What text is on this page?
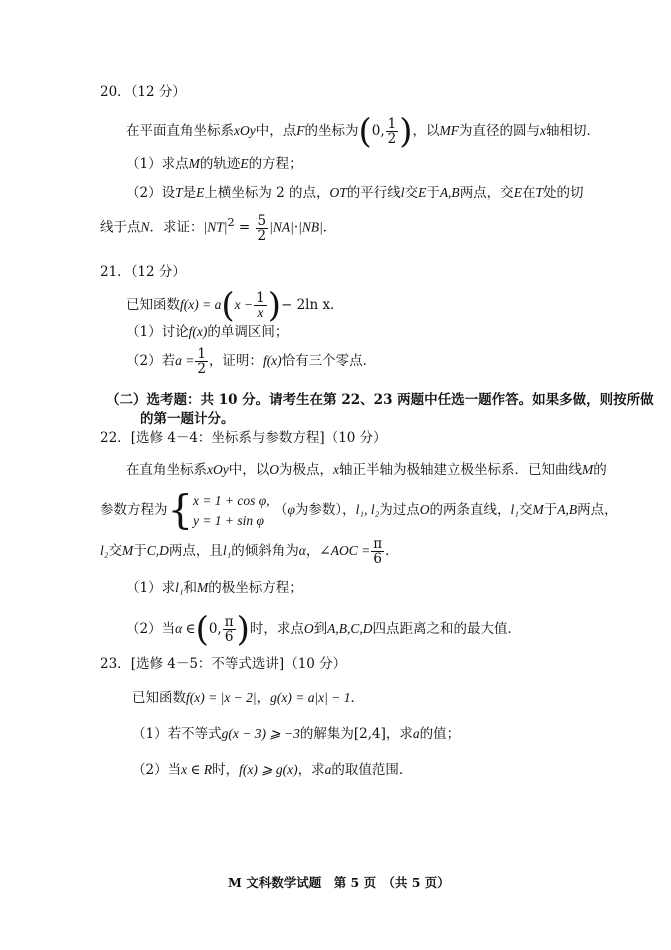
20．（12 分）
在平面直角坐标系xOy中，点F的坐标为(0, $\frac{1}{2}$ )，以MF为直径的圆与x轴相切．
（1）求点M的轨迹E的方程；
（2）设T是E上横坐标为 2 的点，OT的平行线l交E于A,B两点，交E在T处的切
线于点N．求证：$|NT|^2 = \frac{5}{2} |NA|\cdot|NB|$．
21．（12 分）
已知函数$f(x) = a(x - \frac{1}{x}$ )− 2ln x．
（1）讨论f(x)的单调区间；
（2）若$a = \frac{1}{2}$ ，证明：f(x)恰有三个零点．
（二）选考题：共 10 分。请考生在第 22、23 两题中任选一题作答。如果多做，则按所做
的第一题计分。
22．[选修 4－4：坐标系与参数方程]（10 分）
在直角坐标系xOy中，以O为极点，x轴正半轴为极轴建立极坐标系．已知曲线M的
参数方程为{ x = 1 + cos φ,
y = 1 + sin φ
（φ为参数），l₁, l₂为过点O的两条直线，l₁交M于A,B两点，
l₂交M于C,D两点，且l₁的倾斜角为α，∠AOC = $\frac{\pi}{6}$ ．
（1）求l₁和M的极坐标方程；
（2）当α ∈(0, $\frac{\pi}{6}$ )时，求点O到A,B,C,D四点距离之和的最大值．
23．[选修 4－5：不等式选讲]（10 分）
已知函数f(x) = |x − 2|，g(x) = a|x| − 1．
（1）若不等式g(x − 3) ⩾ −3的解集为[2,4]，求a的值；
（2）当x ∈ R时，f(x) ⩾ g(x)，求a的取值范围．
M 文科数学试题　第 5 页　（共 5 页）
